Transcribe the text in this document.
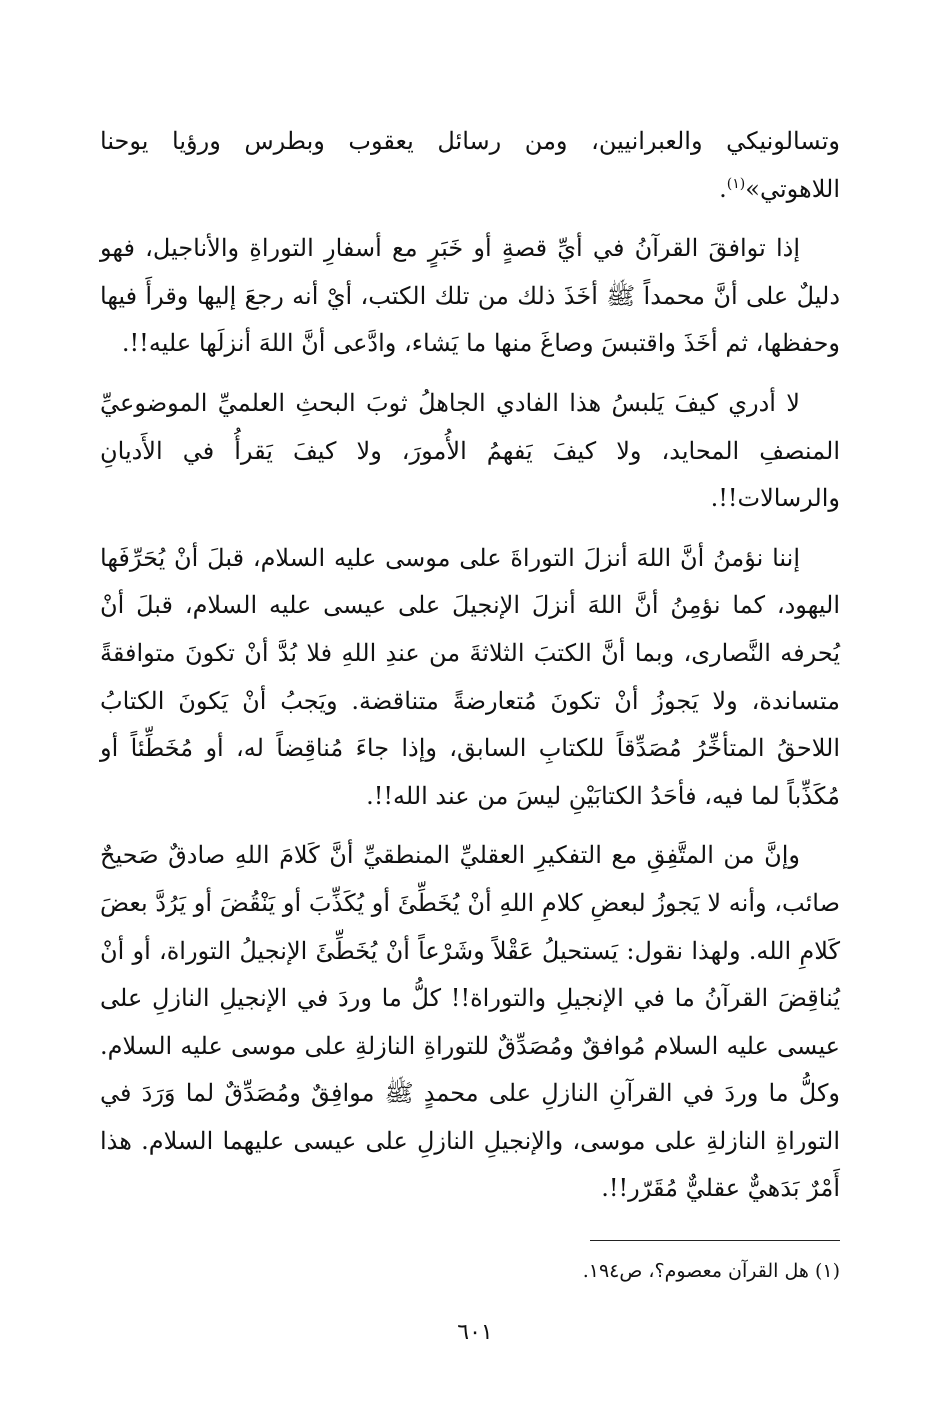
وتسالونيكي والعبرانيين، ومن رسائل يعقوب وبطرس ورؤيا يوحنا اللاهوتي»$^{(١)}$.

إذا توافقَ القرآنُ في أيِّ قصةٍ أو خَبَرٍ مع أسفارِ التوراةِ والأناجيل، فهو دليلٌ على أنَّ محمداً ﷺ أخَذَ ذلك من تلك الكتب، أيْ أنه رجعَ إليها وقرأَ فيها وحفظها، ثم أخَذَ واقتبسَ وصاغَ منها ما يَشاء، وادَّعى أنَّ اللهَ أنزلَها عليه!!.

لا أدري كيفَ يَلبسُ هذا الفادي الجاهلُ ثوبَ البحثِ العلميِّ الموضوعيِّ المنصفِ المحايد، ولا كيفَ يَفهمُ الأُمورَ، ولا كيفَ يَقرأُ في الأَديانِ والرسالات!!.

إننا نؤمنُ أنَّ اللهَ أنزلَ التوراةَ على موسى عليه السلام، قبلَ أنْ يُحَرِّفَها اليهود، كما نؤمِنُ أنَّ اللهَ أنزلَ الإنجيلَ على عيسى عليه السلام، قبلَ أنْ يُحرفه النَّصارى، وبما أنَّ الكتبَ الثلاثةَ من عندِ اللهِ فلا بُدَّ أنْ تكونَ متوافقةً متساندة، ولا يَجوزُ أنْ تكونَ مُتعارضةً متناقضة. ويَجبُ أنْ يَكونَ الكتابُ اللاحقُ المتأخِّرُ مُصَدِّقاً للكتابِ السابق، وإذا جاءَ مُناقِضاً له، أو مُخَطِّئاً أو مُكَذِّباً لما فيه، فأحَدُ الكتابَيْنِ ليسَ من عند الله!!.

وإنَّ من المتَّفِقِ مع التفكيرِ العقليِّ المنطقيِّ أنَّ كَلامَ اللهِ صادقٌ صَحيحٌ صائب، وأنه لا يَجوزُ لبعضِ كلامِ اللهِ أنْ يُخَطِّئَ أو يُكَذِّبَ أو يَنْقُضَ أو يَرُدَّ بعضَ كَلامِ الله. ولهذا نقول: يَستحيلُ عَقْلاً وشَرْعاً أنْ يُخَطِّئَ الإنجيلُ التوراة، أو أنْ يُناقِضَ القرآنُ ما في الإنجيلِ والتوراة!! كلُّ ما وردَ في الإنجيلِ النازلِ على عيسى عليه السلام مُوافقٌ ومُصَدِّقٌ للتوراةِ النازلةِ على موسى عليه السلام. وكلُّ ما وردَ في القرآنِ النازلِ على محمدٍ ﷺ موافِقٌ ومُصَدِّقٌ لما وَرَدَ في التوراةِ النازلةِ على موسى، والإنجيلِ النازلِ على عيسى عليهما السلام. هذا أَمْرٌ بَدَهيٌّ عقليٌّ مُقَرّر!!.

(١) هل القرآن معصوم؟، ص١٩٤.
٦٠١
